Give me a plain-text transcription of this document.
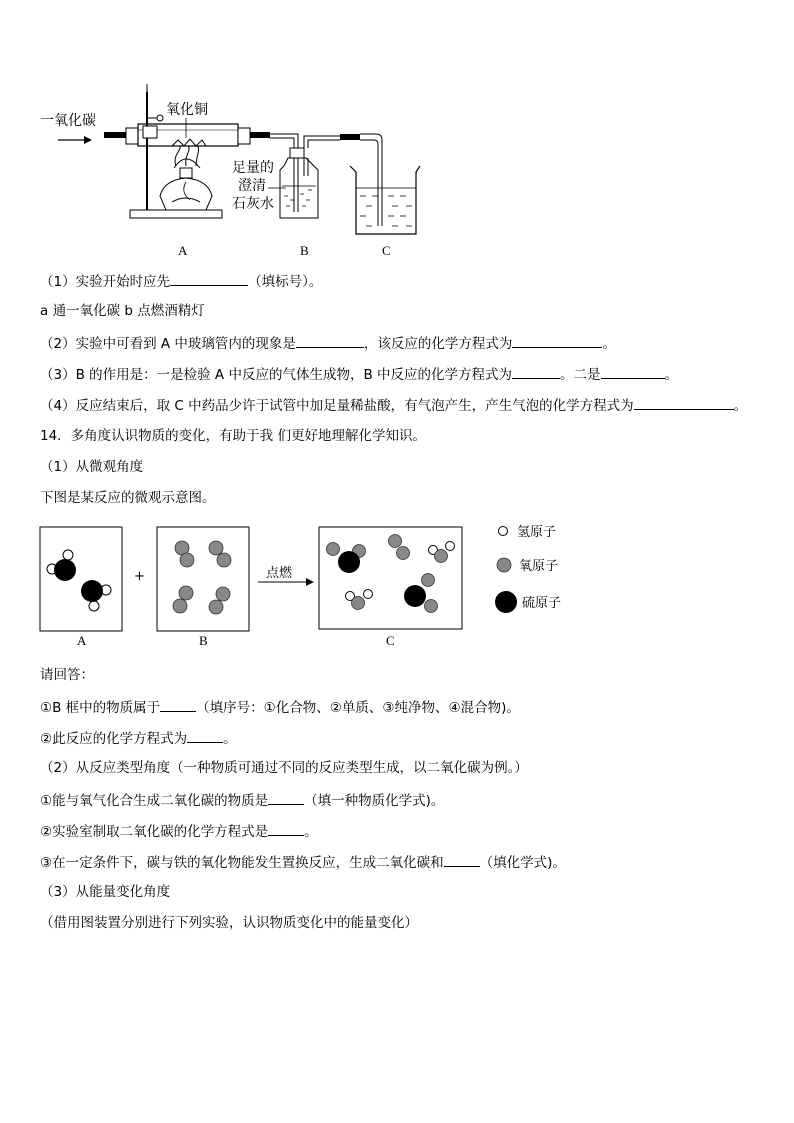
一氧化碳
氧化铜
足量的
澄清
石灰水
A	B	C
（1）实验开始时应先	（填标号）。
a 通一氧化碳 b 点燃酒精灯
（2）实验中可看到 A 中玻璃管内的现象是	，该反应的化学方程式为	。
（3）B 的作用是：一是检验 A 中反应的气体生成物，B 中反应的化学方程式为	。二是	。
（4）反应结束后，取 C 中药品少许于试管中加足量稀盐酸，有气泡产生，产生气泡的化学方程式为	。
14．多角度认识物质的变化，有助于我 们更好地理解化学知识。
（1）从微观角度
下图是某反应的微观示意图。
+	点燃
A	B	C
氢原子
氧原子
硫原子
请回答：
①B 框中的物质属于	（填序号：①化合物、②单质、③纯净物、④混合物)。
②此反应的化学方程式为	。
（2）从反应类型角度（一种物质可通过不同的反应类型生成，以二氧化碳为例。）
①能与氧气化合生成二氧化碳的物质是	（填一种物质化学式)。
②实验室制取二氧化碳的化学方程式是	。
③在一定条件下，碳与铁的氧化物能发生置换反应，生成二氧化碳和	（填化学式)。
（3）从能量变化角度
（借用图装置分别进行下列实验，认识物质变化中的能量变化）
